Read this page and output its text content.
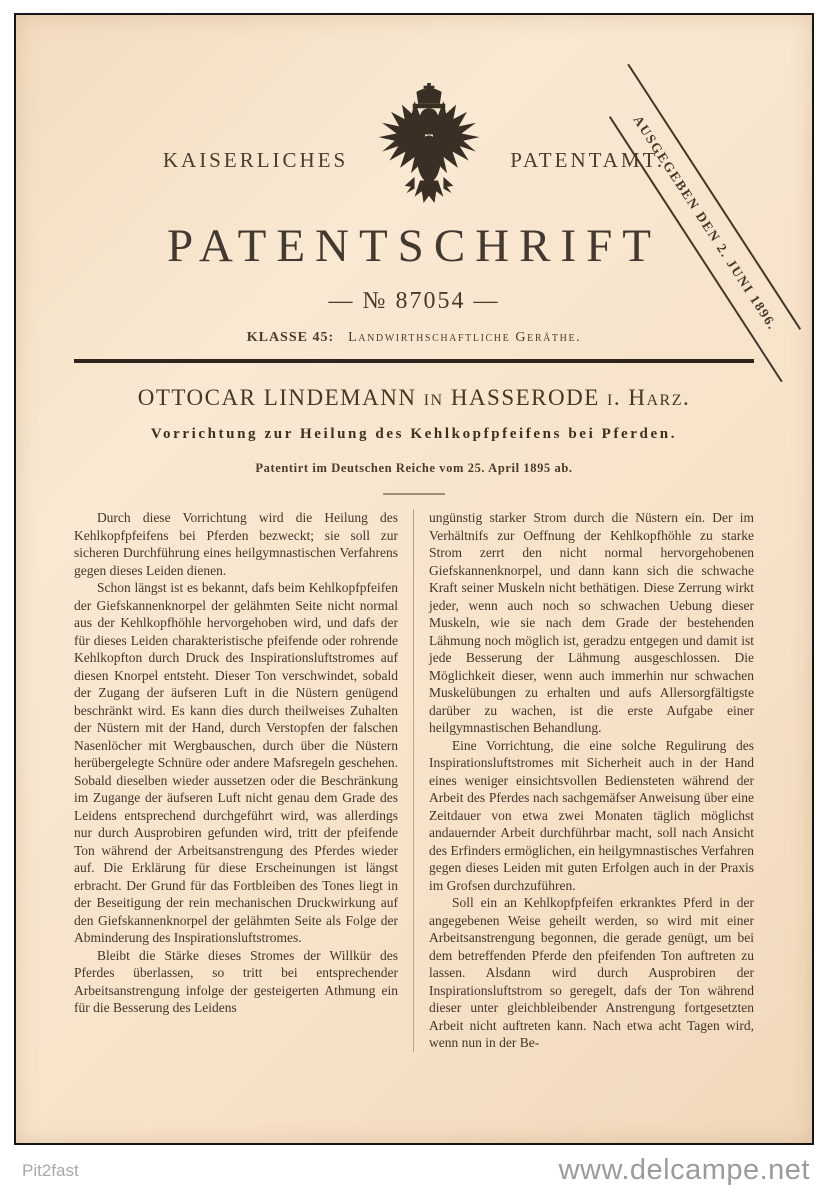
AUSGEGEBEN DEN 2. JUNI 1896.
KAISERLICHES	PATENTAMT.
PATENTSCHRIFT
— № 87054 —
KLASSE 45: Landwirthschaftliche Geräthe.
OTTOCAR LINDEMANN in HASSERODE i. Harz.
Vorrichtung zur Heilung des Kehlkopfpfeifens bei Pferden.
Patentirt im Deutschen Reiche vom 25. April 1895 ab.

Durch diese Vorrichtung wird die Heilung des Kehlkopfpfeifens bei Pferden bezweckt; sie soll zur sicheren Durchführung eines heilgymnastischen Verfahrens gegen dieses Leiden dienen.

Schon längst ist es bekannt, dafs beim Kehlkopfpfeifen der Giefskannenknorpel der gelähmten Seite nicht normal aus der Kehlkopfhöhle hervorgehoben wird, und dafs der für dieses Leiden charakteristische pfeifende oder rohrende Kehlkopfton durch Druck des Inspirationsluftstromes auf diesen Knorpel entsteht. Dieser Ton verschwindet, sobald der Zugang der äufseren Luft in die Nüstern genügend beschränkt wird. Es kann dies durch theilweises Zuhalten der Nüstern mit der Hand, durch Verstopfen der falschen Nasenlöcher mit Wergbauschen, durch über die Nüstern herübergelegte Schnüre oder andere Mafsregeln geschehen. Sobald dieselben wieder aussetzen oder die Beschränkung im Zugange der äufseren Luft nicht genau dem Grade des Leidens entsprechend durchgeführt wird, was allerdings nur durch Ausprobiren gefunden wird, tritt der pfeifende Ton während der Arbeitsanstrengung des Pferdes wieder auf. Die Erklärung für diese Erscheinungen ist längst erbracht. Der Grund für das Fortbleiben des Tones liegt in der Beseitigung der rein mechanischen Druckwirkung auf den Giefskannenknorpel der gelähmten Seite als Folge der Abminderung des Inspirationsluftstromes.

Bleibt die Stärke dieses Stromes der Willkür des Pferdes überlassen, so tritt bei entsprechender Arbeitsanstrengung infolge der gesteigerten Athmung ein für die Besserung des Leidens

ungünstig starker Strom durch die Nüstern ein. Der im Verhältnifs zur Oeffnung der Kehlkopfhöhle zu starke Strom zerrt den nicht normal hervorgehobenen Giefskannenknorpel, und dann kann sich die schwache Kraft seiner Muskeln nicht bethätigen. Diese Zerrung wirkt jeder, wenn auch noch so schwachen Uebung dieser Muskeln, wie sie nach dem Grade der bestehenden Lähmung noch möglich ist, geradzu entgegen und damit ist jede Besserung der Lähmung ausgeschlossen. Die Möglichkeit dieser, wenn auch immerhin nur schwachen Muskelübungen zu erhalten und aufs Allersorgfältigste darüber zu wachen, ist die erste Aufgabe einer heilgymnastischen Behandlung.

Eine Vorrichtung, die eine solche Regulirung des Inspirationsluftstromes mit Sicherheit auch in der Hand eines weniger einsichtsvollen Bediensteten während der Arbeit des Pferdes nach sachgemäfser Anweisung über eine Zeitdauer von etwa zwei Monaten täglich möglichst andauernder Arbeit durchführbar macht, soll nach Ansicht des Erfinders ermöglichen, ein heilgymnastisches Verfahren gegen dieses Leiden mit guten Erfolgen auch in der Praxis im Grofsen durchzuführen.

Soll ein an Kehlkopfpfeifen erkranktes Pferd in der angegebenen Weise geheilt werden, so wird mit einer Arbeitsanstrengung begonnen, die gerade genügt, um bei dem betreffenden Pferde den pfeifenden Ton auftreten zu lassen. Alsdann wird durch Ausprobiren der Inspirationsluftstrom so geregelt, dafs der Ton während dieser unter gleichbleibender Anstrengung fortgesetzten Arbeit nicht auftreten kann. Nach etwa acht Tagen wird, wenn nun in der Be-

Pit2fast	www.delcampe.net
